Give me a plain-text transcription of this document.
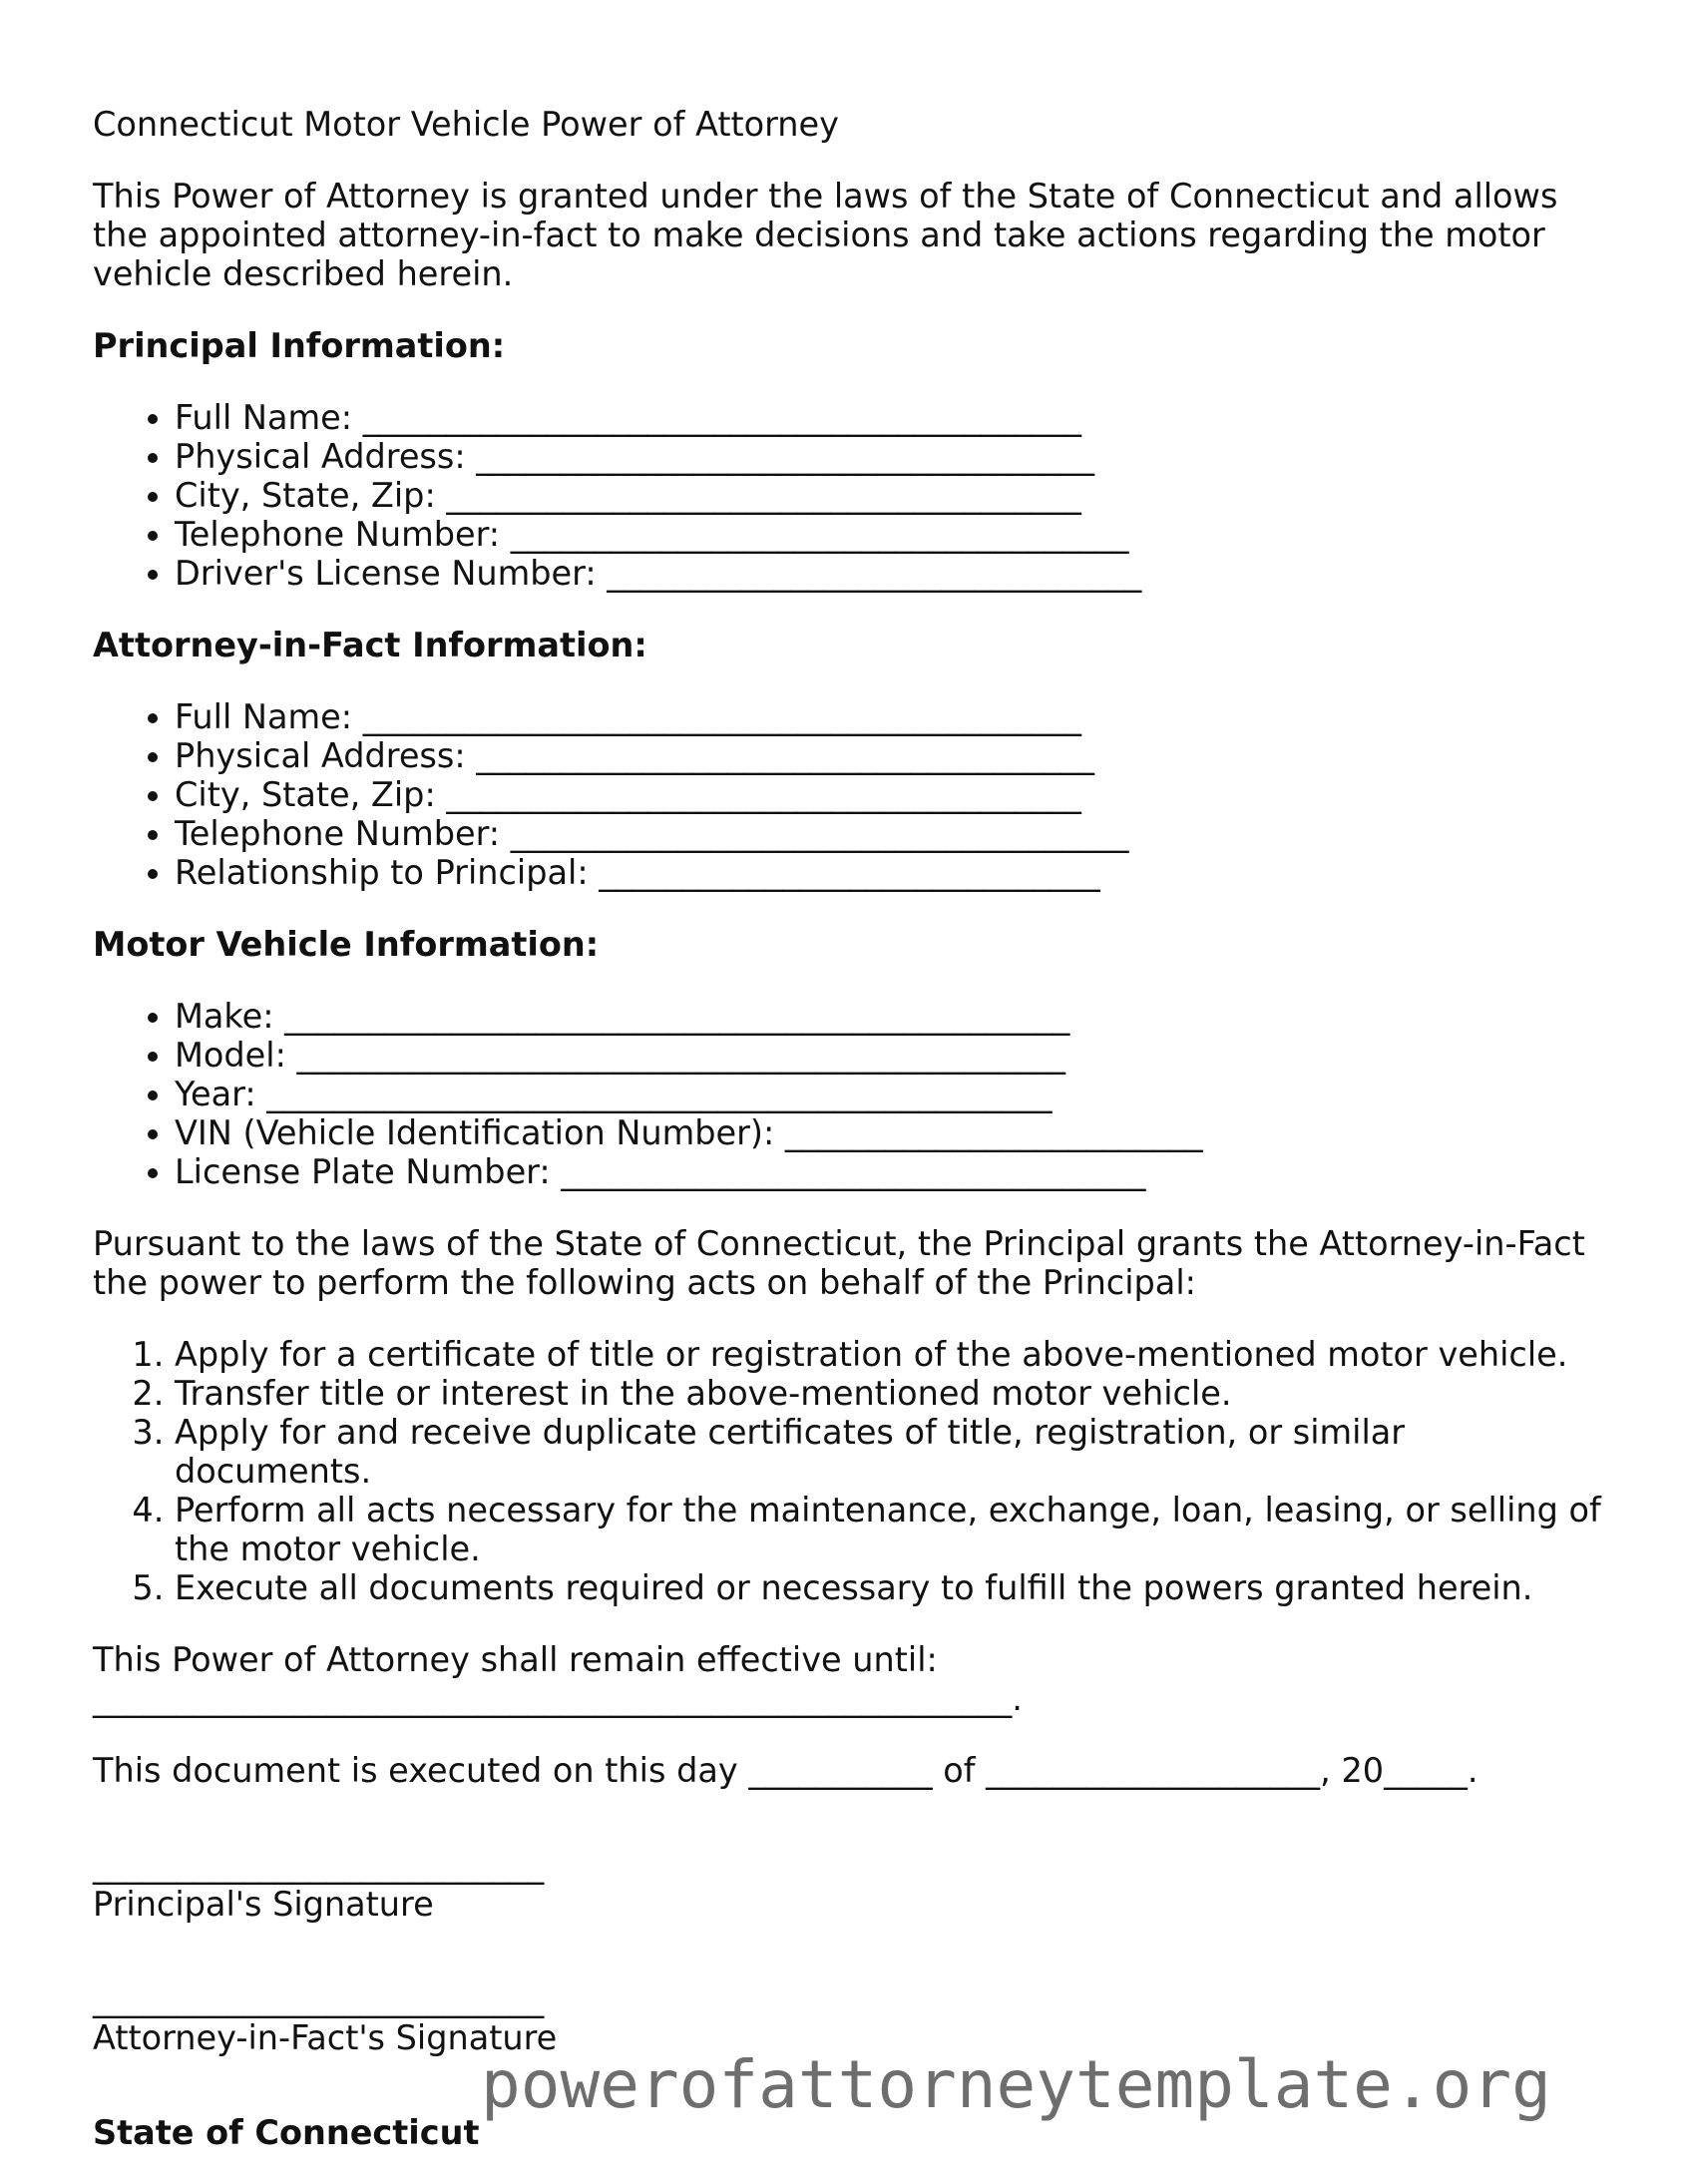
Connecticut Motor Vehicle Power of Attorney

This Power of Attorney is granted under the laws of the State of Connecticut and allows the appointed attorney-in-fact to make decisions and take actions regarding the motor vehicle described herein.

Principal Information:

• Full Name: ___________________________________________
• Physical Address: _____________________________________
• City, State, Zip: ______________________________________
• Telephone Number: _____________________________________
• Driver's License Number: ________________________________

Attorney-in-Fact Information:

• Full Name: ___________________________________________
• Physical Address: _____________________________________
• City, State, Zip: ______________________________________
• Telephone Number: _____________________________________
• Relationship to Principal: ______________________________

Motor Vehicle Information:

• Make: _______________________________________________
• Model: ______________________________________________
• Year: _______________________________________________
• VIN (Vehicle Identification Number): _________________________
• License Plate Number: ___________________________________

Pursuant to the laws of the State of Connecticut, the Principal grants the Attorney-in-Fact the power to perform the following acts on behalf of the Principal:

1. Apply for a certificate of title or registration of the above-mentioned motor vehicle.
2. Transfer title or interest in the above-mentioned motor vehicle.
3. Apply for and receive duplicate certificates of title, registration, or similar documents.
4. Perform all acts necessary for the maintenance, exchange, loan, leasing, or selling of the motor vehicle.
5. Execute all documents required or necessary to fulfill the powers granted herein.

This Power of Attorney shall remain effective until:

_______________________________________________________.

This document is executed on this day ___________ of ____________________, 20_____.

___________________________

Principal's Signature

___________________________

Attorney-in-Fact's Signature

State of Connecticut

powerofattorneytemplate.org
